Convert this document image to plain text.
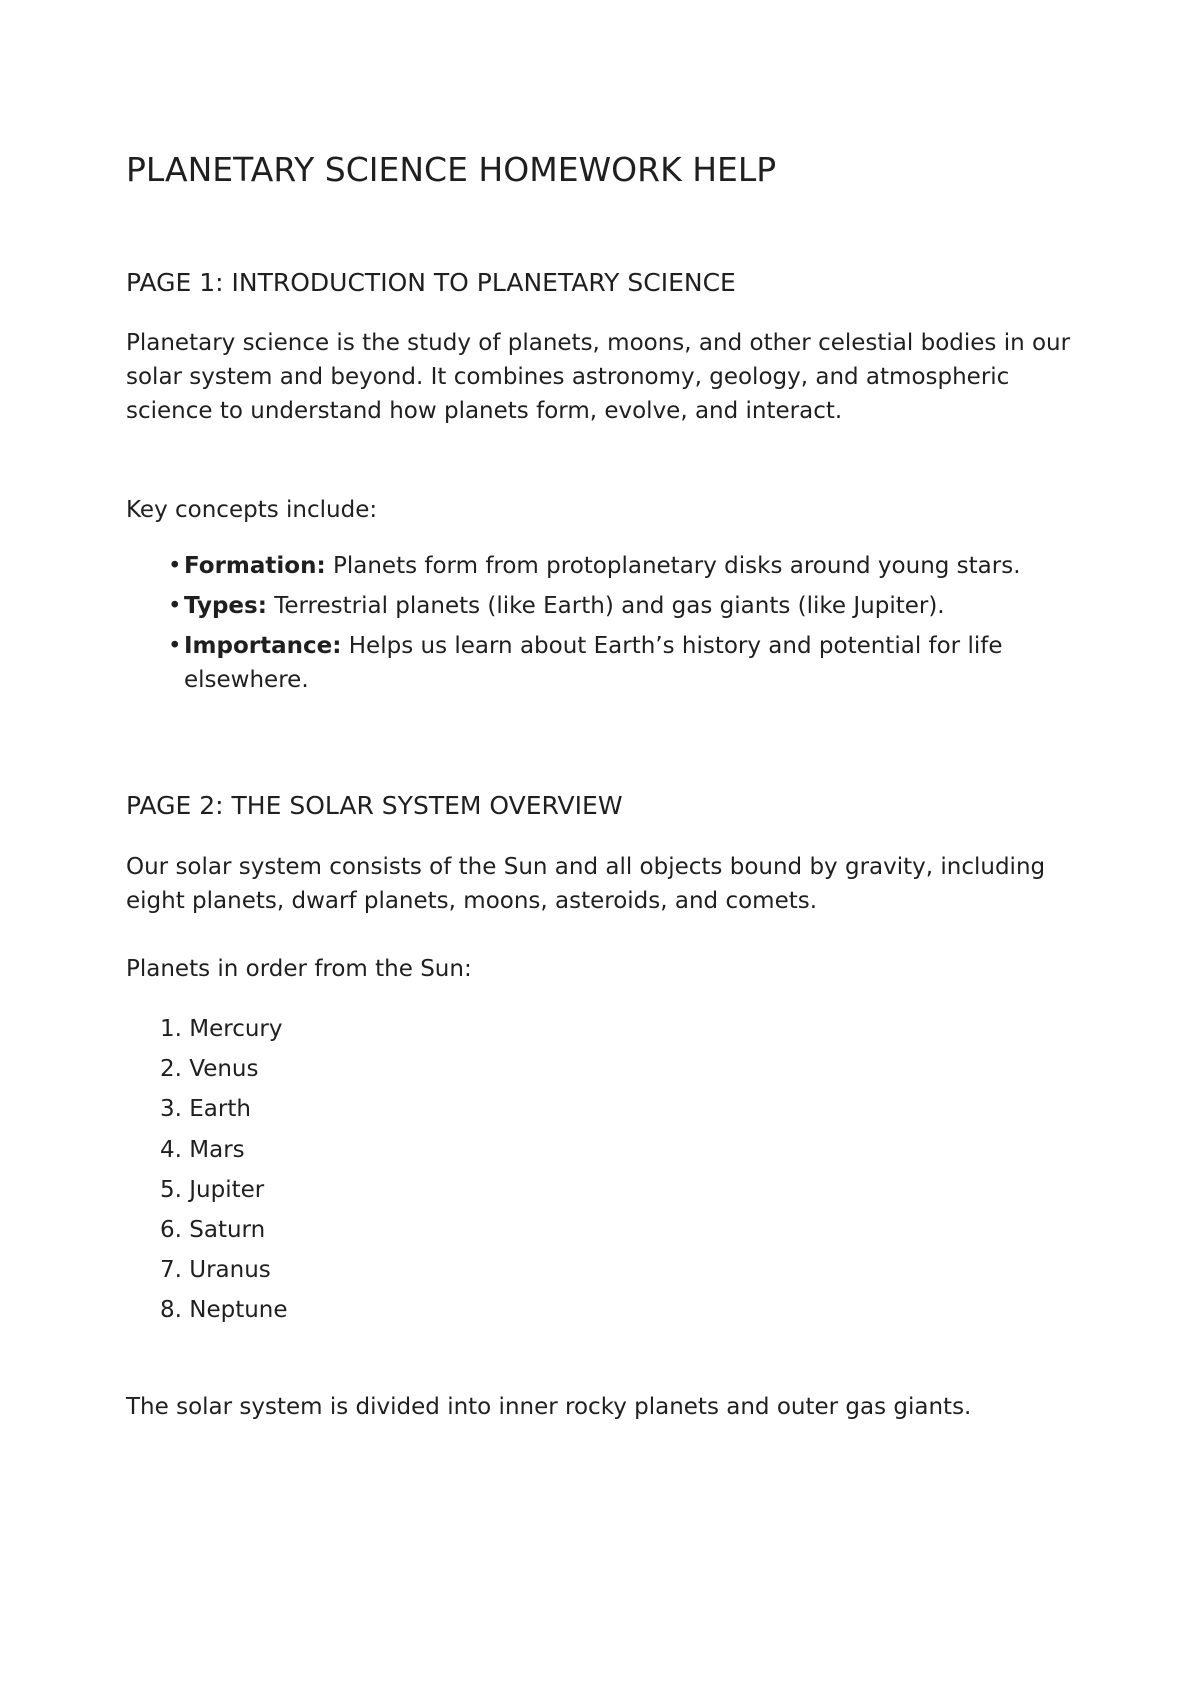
PLANETARY SCIENCE HOMEWORK HELP
PAGE 1: INTRODUCTION TO PLANETARY SCIENCE

Planetary science is the study of planets, moons, and other celestial bodies in our solar system and beyond. It combines astronomy, geology, and atmospheric science to understand how planets form, evolve, and interact.

Key concepts include:

• Formation: Planets form from protoplanetary disks around young stars.
• Types: Terrestrial planets (like Earth) and gas giants (like Jupiter).
• Importance: Helps us learn about Earth’s history and potential for life elsewhere.
PAGE 2: THE SOLAR SYSTEM OVERVIEW

Our solar system consists of the Sun and all objects bound by gravity, including eight planets, dwarf planets, moons, asteroids, and comets.

Planets in order from the Sun:

1. Mercury
2. Venus
3. Earth
4. Mars
5. Jupiter
6. Saturn
7. Uranus
8. Neptune

The solar system is divided into inner rocky planets and outer gas giants.
